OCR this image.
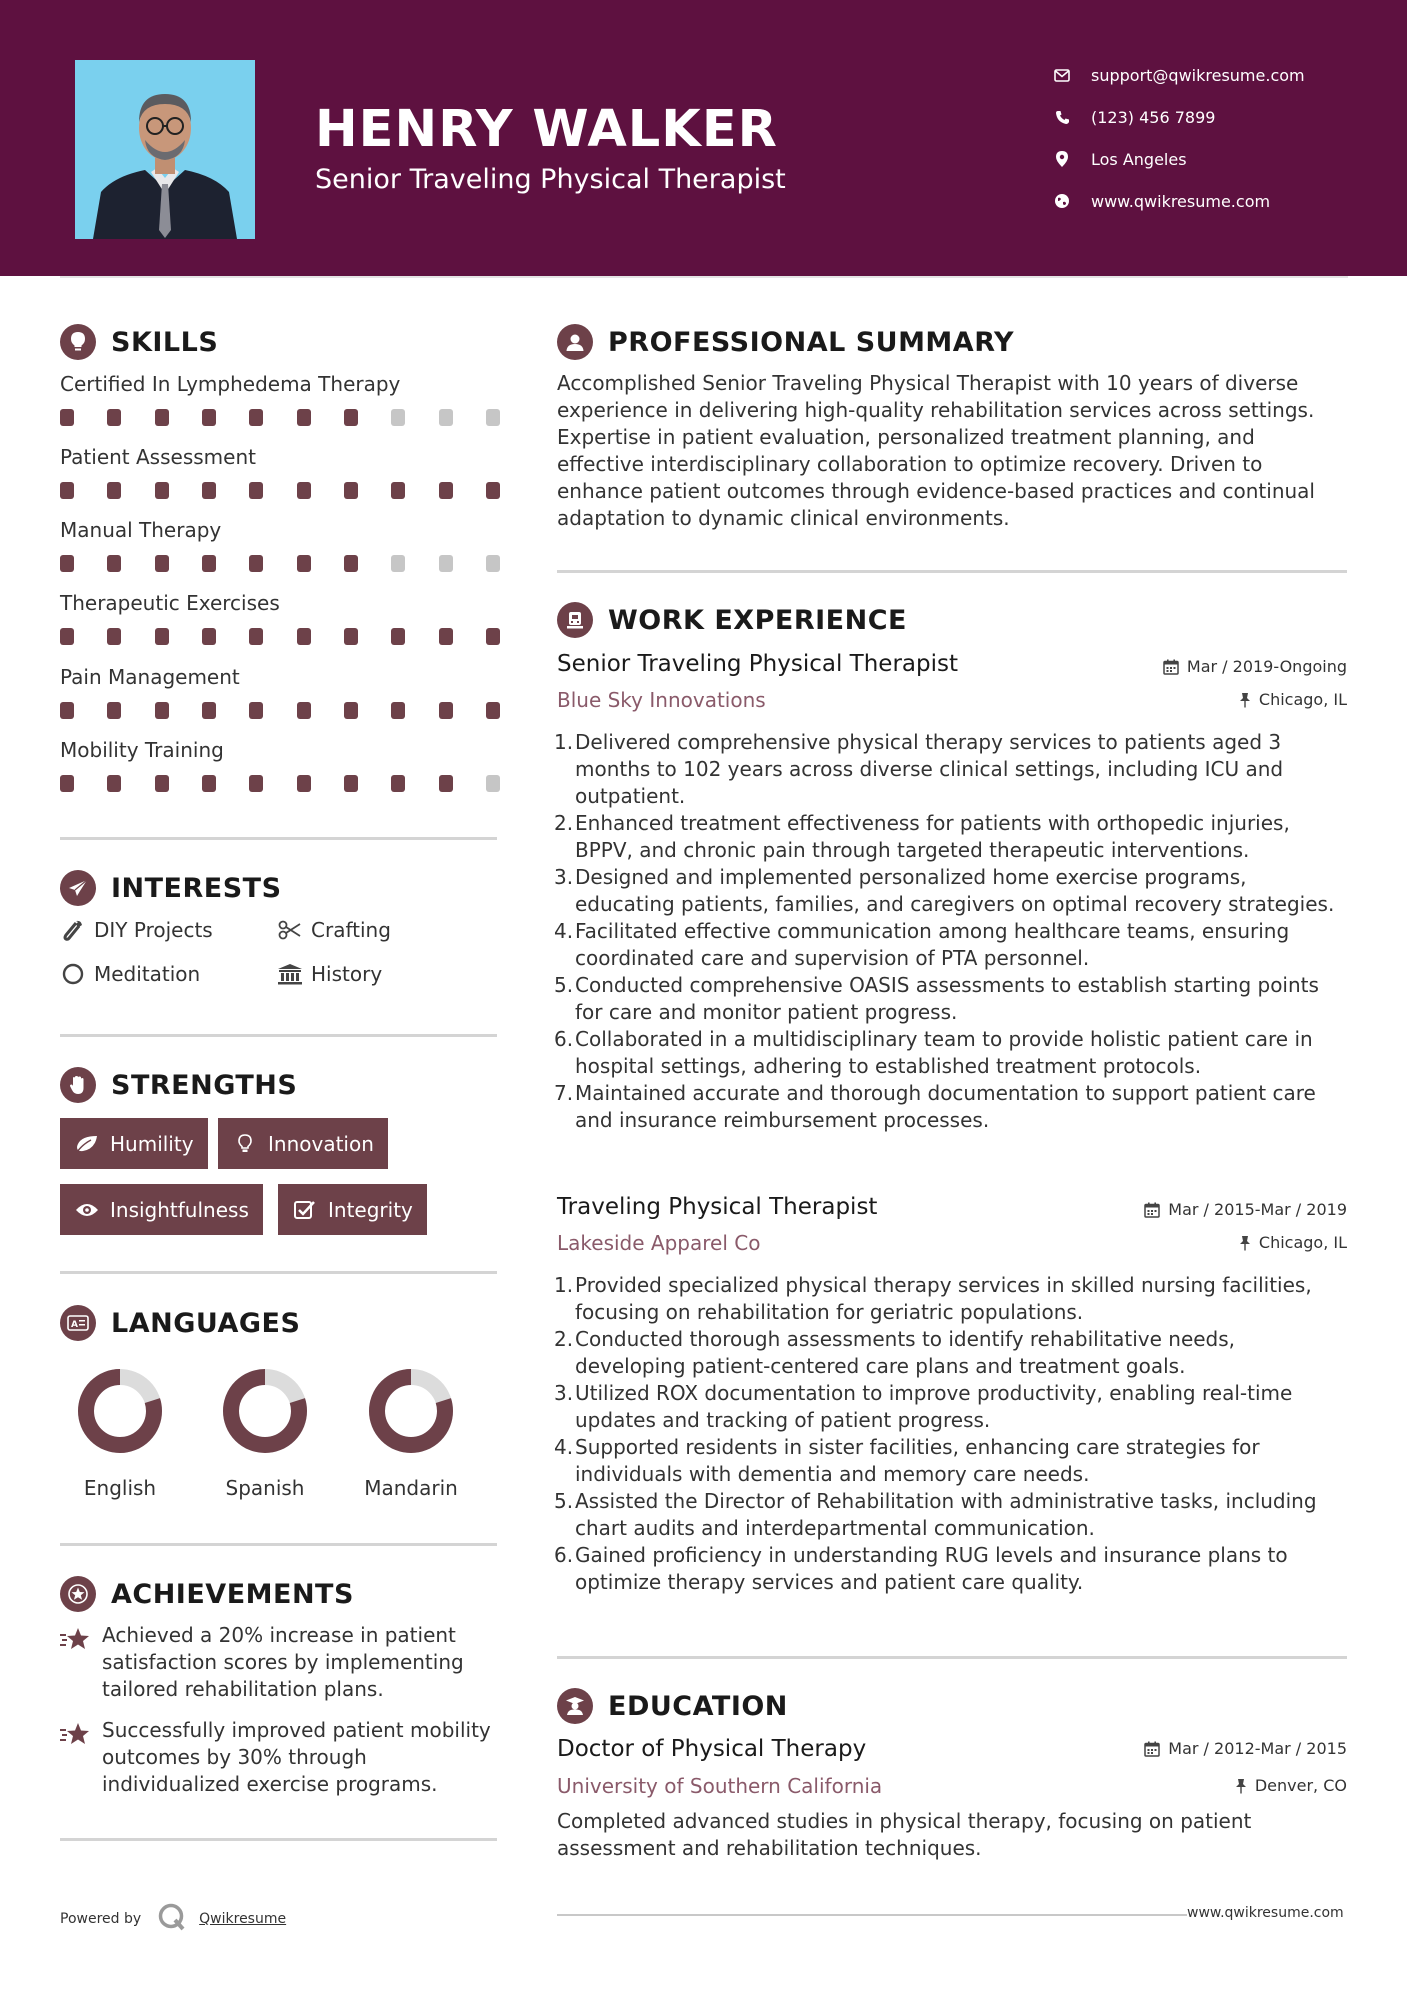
HENRY WALKER
Senior Traveling Physical Therapist
support@qwikresume.com
(123) 456 7899
Los Angeles
www.qwikresume.com
SKILLS
Certified In Lymphedema Therapy
Patient Assessment
Manual Therapy
Therapeutic Exercises
Pain Management
Mobility Training
INTERESTS
DIY Projects	Crafting
Meditation	History
STRENGTHS
Humility	Innovation
Insightfulness	Integrity
A LANGUAGES
English	Spanish	Mandarin
ACHIEVEMENTS
Achieved a 20% increase in patient satisfaction scores by implementing tailored rehabilitation plans.
Successfully improved patient mobility outcomes by 30% through individualized exercise programs.
Powered by	Qwikresume
PROFESSIONAL SUMMARY
Accomplished Senior Traveling Physical Therapist with 10 years of diverse experience in delivering high-quality rehabilitation services across settings. Expertise in patient evaluation, personalized treatment planning, and effective interdisciplinary collaboration to optimize recovery. Driven to enhance patient outcomes through evidence-based practices and continual adaptation to dynamic clinical environments.
WORK EXPERIENCE
Senior Traveling Physical Therapist	Mar / 2019-Ongoing
Blue Sky Innovations	Chicago, IL
1. Delivered comprehensive physical therapy services to patients aged 3 months to 102 years across diverse clinical settings, including ICU and outpatient.
2. Enhanced treatment effectiveness for patients with orthopedic injuries, BPPV, and chronic pain through targeted therapeutic interventions.
3. Designed and implemented personalized home exercise programs, educating patients, families, and caregivers on optimal recovery strategies.
4. Facilitated effective communication among healthcare teams, ensuring coordinated care and supervision of PTA personnel.
5. Conducted comprehensive OASIS assessments to establish starting points for care and monitor patient progress.
6. Collaborated in a multidisciplinary team to provide holistic patient care in hospital settings, adhering to established treatment protocols.
7. Maintained accurate and thorough documentation to support patient care and insurance reimbursement processes.
Traveling Physical Therapist	Mar / 2015-Mar / 2019
Lakeside Apparel Co	Chicago, IL
1. Provided specialized physical therapy services in skilled nursing facilities, focusing on rehabilitation for geriatric populations.
2. Conducted thorough assessments to identify rehabilitative needs, developing patient-centered care plans and treatment goals.
3. Utilized ROX documentation to improve productivity, enabling real-time updates and tracking of patient progress.
4. Supported residents in sister facilities, enhancing care strategies for individuals with dementia and memory care needs.
5. Assisted the Director of Rehabilitation with administrative tasks, including chart audits and interdepartmental communication.
6. Gained proficiency in understanding RUG levels and insurance plans to optimize therapy services and patient care quality.
EDUCATION
Doctor of Physical Therapy	Mar / 2012-Mar / 2015
University of Southern California	Denver, CO
Completed advanced studies in physical therapy, focusing on patient assessment and rehabilitation techniques.
www.qwikresume.com
